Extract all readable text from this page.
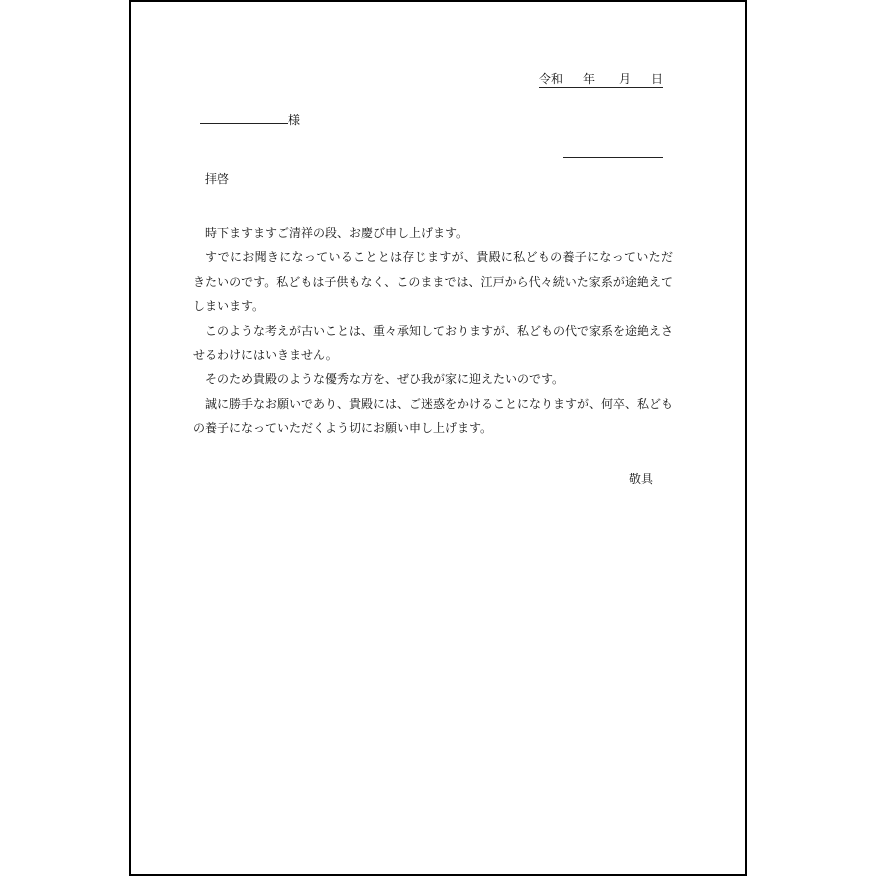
令和 年 月 日
様
拝啓

時下ますますご清祥の段、お慶び申し上げます。

すでにお聞きになっていることとは存じますが、貴殿に私どもの養子になっていただきたいのです。私どもは子供もなく、このままでは、江戸から代々続いた家系が途絶えてしまいます。

このような考えが古いことは、重々承知しておりますが、私どもの代で家系を途絶えさせるわけにはいきません。

そのため貴殿のような優秀な方を、ぜひ我が家に迎えたいのです。

誠に勝手なお願いであり、貴殿には、ご迷惑をかけることになりますが、何卒、私どもの養子になっていただくよう切にお願い申し上げます。

敬具
